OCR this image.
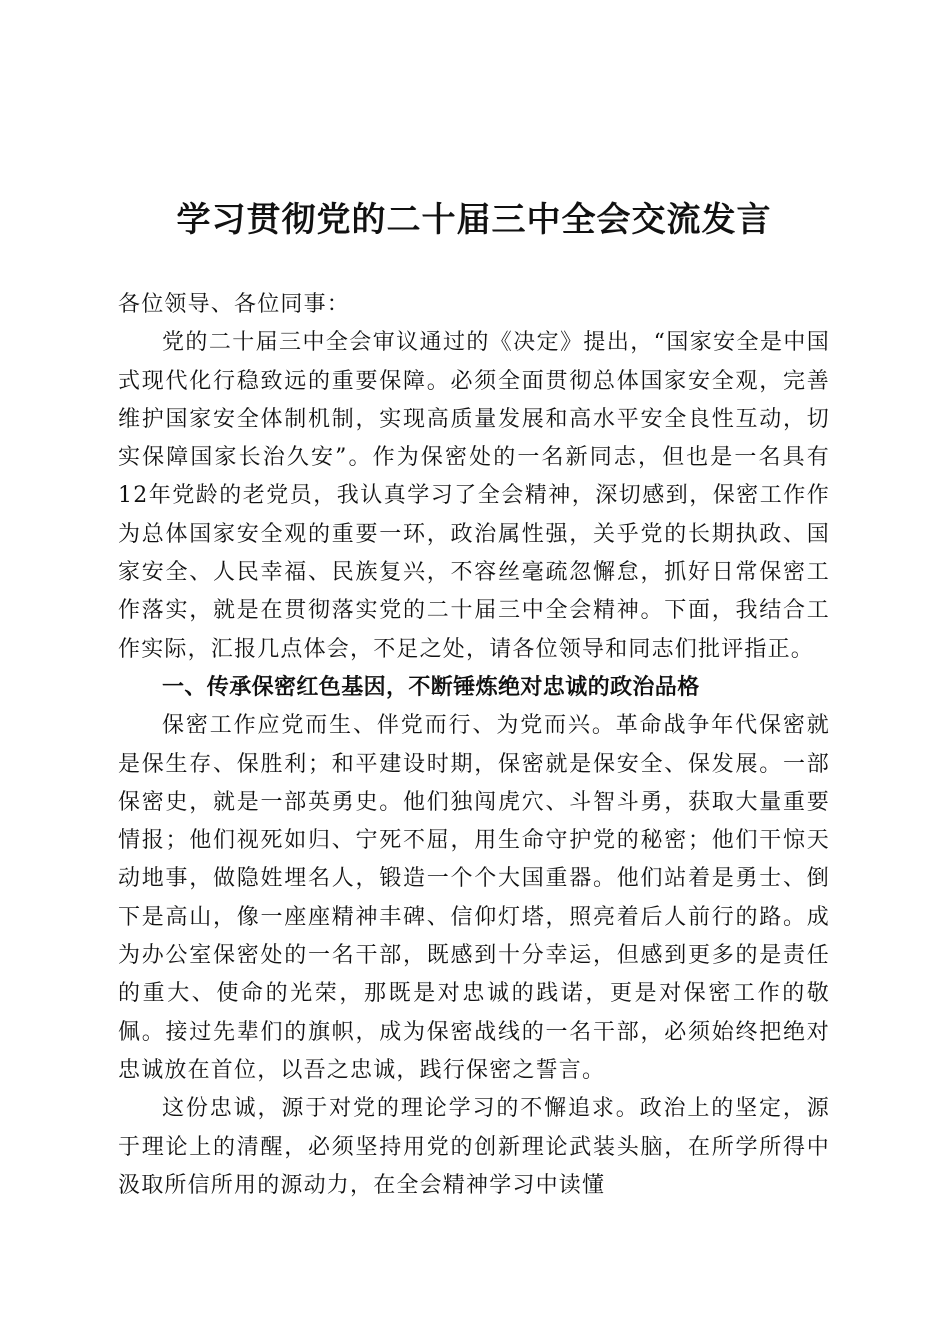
学习贯彻党的二十届三中全会交流发言

各位领导、各位同事：

党的二十届三中全会审议通过的《决定》提出，“国家安全是中国式现代化行稳致远的重要保障。必须全面贯彻总体国家安全观，完善维护国家安全体制机制，实现高质量发展和高水平安全良性互动，切实保障国家长治久安”。作为保密处的一名新同志，但也是一名具有12年党龄的老党员，我认真学习了全会精神，深切感到，保密工作作为总体国家安全观的重要一环，政治属性强，关乎党的长期执政、国家安全、人民幸福、民族复兴，不容丝毫疏忽懈怠，抓好日常保密工作落实，就是在贯彻落实党的二十届三中全会精神。下面，我结合工作实际，汇报几点体会，不足之处，请各位领导和同志们批评指正。

一、传承保密红色基因，不断锤炼绝对忠诚的政治品格

保密工作应党而生、伴党而行、为党而兴。革命战争年代保密就是保生存、保胜利；和平建设时期，保密就是保安全、保发展。一部保密史，就是一部英勇史。他们独闯虎穴、斗智斗勇，获取大量重要情报；他们视死如归、宁死不屈，用生命守护党的秘密；他们干惊天动地事，做隐姓埋名人，锻造一个个大国重器。他们站着是勇士、倒下是高山，像一座座精神丰碑、信仰灯塔，照亮着后人前行的路。成为办公室保密处的一名干部，既感到十分幸运，但感到更多的是责任的重大、使命的光荣，那既是对忠诚的践诺，更是对保密工作的敬佩。接过先辈们的旗帜，成为保密战线的一名干部，必须始终把绝对忠诚放在首位，以吾之忠诚，践行保密之誓言。

这份忠诚，源于对党的理论学习的不懈追求。政治上的坚定，源于理论上的清醒，必须坚持用党的创新理论武装头脑，在所学所得中汲取所信所用的源动力，在全会精神学习中读懂
